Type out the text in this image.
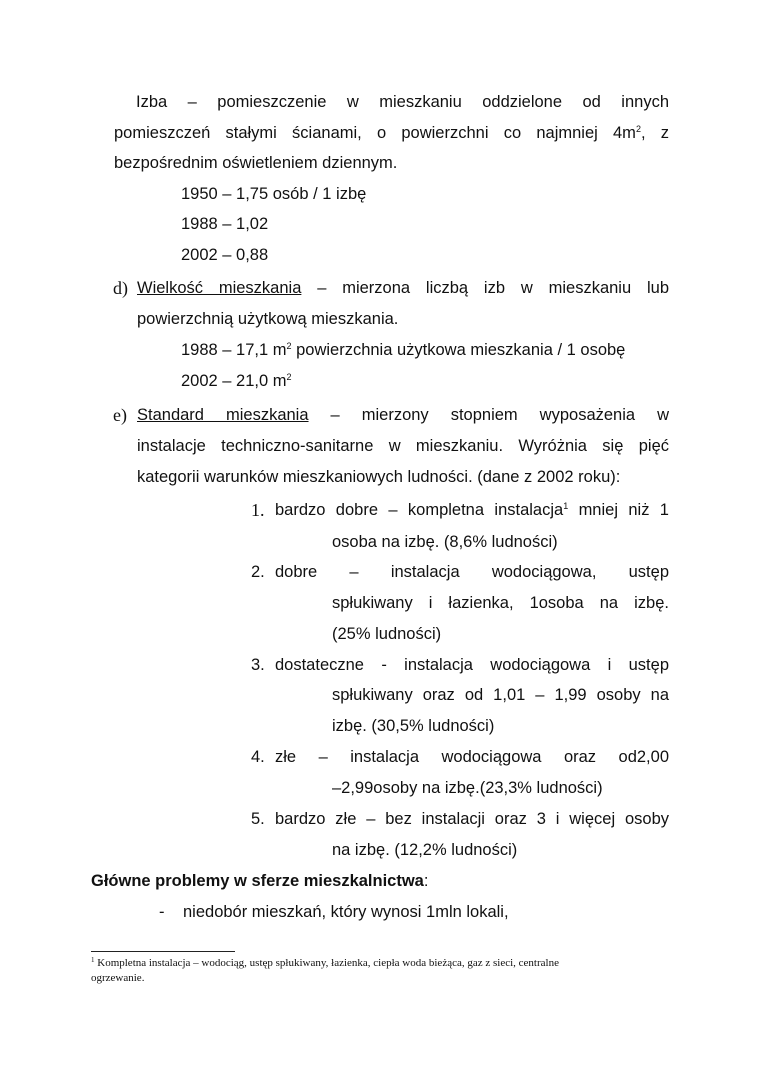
Izba – pomieszczenie w mieszkaniu oddzielone od innych
pomieszczeń stałymi ścianami, o powierzchni co najmniej $4m^2$, z
bezpośrednim oświetleniem dziennym.
1950 – 1,75 osób / 1 izbę
1988 – 1,02
2002 – 0,88
d) Wielkość mieszkania – mierzona liczbą izb w mieszkaniu lub
powierzchnią użytkową mieszkania.
1988 – 17,1 $m^2$ powierzchnia użytkowa mieszkania / 1 osobę
2002 – 21,0 $m^2$
e) Standard mieszkania – mierzony stopniem wyposażenia w
instalacje techniczno-sanitarne w mieszkaniu. Wyróżnia się pięć
kategorii warunków mieszkaniowych ludności. (dane z 2002 roku):
1. bardzo dobre – kompletna instalacja$^1$ mniej niż 1
osoba na izbę. (8,6% ludności)
2. dobre – instalacja wodociągowa, ustęp
spłukiwany i łazienka, 1osoba na izbę.
(25% ludności)
3. dostateczne - instalacja wodociągowa i ustęp
spłukiwany oraz od 1,01 – 1,99 osoby na
izbę. (30,5% ludności)
4. złe – instalacja wodociągowa oraz od2,00
–2,99osoby na izbę.(23,3% ludności)
5. bardzo złe – bez instalacji oraz 3 i więcej osoby
na izbę. (12,2% ludności)
Główne problemy w sferze mieszkalnictwa:
- niedobór mieszkań, który wynosi 1mln lokali,
$^1$ Kompletna instalacja – wodociąg, ustęp spłukiwany, łazienka, ciepła woda bieżąca, gaz z sieci, centralne
ogrzewanie.
